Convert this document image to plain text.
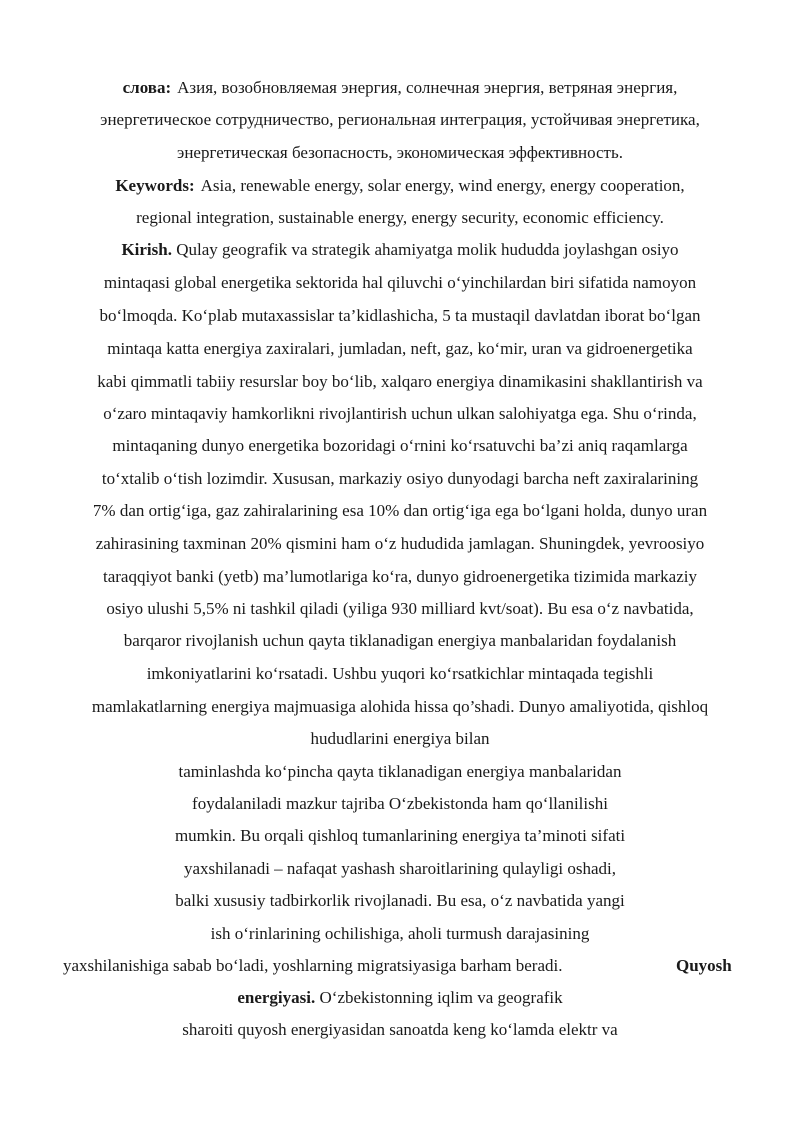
слова: Азия, возобновляемая энергия, солнечная энергия, ветряная энергия,
энергетическое сотрудничество, региональная интеграция, устойчивая энергетика,
энергетическая безопасность, экономическая эффективность.
Keywords: Asia, renewable energy, solar energy, wind energy, energy cooperation,
regional integration, sustainable energy, energy security, economic efficiency.
Kirish. Qulay geografik va strategik ahamiyatga molik hududda joylashgan osiyo
mintaqasi global energetika sektorida hal qiluvchi o‘yinchilardan biri sifatida namoyon
bo‘lmoqda. Ko‘plab mutaxassislar ta’kidlashicha, 5 ta mustaqil davlatdan iborat bo‘lgan
mintaqa katta energiya zaxiralari, jumladan, neft, gaz, ko‘mir, uran va gidroenergetika
kabi qimmatli tabiiy resurslar boy bo‘lib, xalqaro energiya dinamikasini shakllantirish va
o‘zaro mintaqaviy hamkorlikni rivojlantirish uchun ulkan salohiyatga ega. Shu o‘rinda,
mintaqaning dunyo energetika bozoridagi o‘rnini ko‘rsatuvchi ba’zi aniq raqamlarga
to‘xtalib o‘tish lozimdir. Xususan, markaziy osiyo dunyodagi barcha neft zaxiralarining
7% dan ortig‘iga, gaz zahiralarining esa 10% dan ortig‘iga ega bo‘lgani holda, dunyo uran
zahirasining taxminan 20% qismini ham o‘z hududida jamlagan. Shuningdek, yevroosiyo
taraqqiyot banki (yetb) ma’lumotlariga ko‘ra, dunyo gidroenergetika tizimida markaziy
osiyo ulushi 5,5% ni tashkil qiladi (yiliga 930 milliard kvt/soat). Bu esa o‘z navbatida,
barqaror rivojlanish uchun qayta tiklanadigan energiya manbalaridan foydalanish
imkoniyatlarini ko‘rsatadi. Ushbu yuqori ko‘rsatkichlar mintaqada tegishli
mamlakatlarning energiya majmuasiga alohida hissa qo’shadi. Dunyo amaliyotida, qishloq
hududlarini energiya bilan
taminlashda ko‘pincha qayta tiklanadigan energiya manbalaridan
foydalaniladi mazkur tajriba O‘zbekistonda ham qo‘llanilishi
mumkin. Bu orqali qishloq tumanlarining energiya ta’minoti sifati
yaxshilanadi – nafaqat yashash sharoitlarining qulayligi oshadi,
balki xususiy tadbirkorlik rivojlanadi. Bu esa, o‘z navbatida yangi
ish o‘rinlarining ochilishiga, aholi turmush darajasining
yaxshilanishiga sabab bo‘ladi, yoshlarning migratsiyasiga barham beradi.	Quyosh
energiyasi. O‘zbekistonning iqlim va geografik
sharoiti quyosh energiyasidan sanoatda keng ko‘lamda elektr va
